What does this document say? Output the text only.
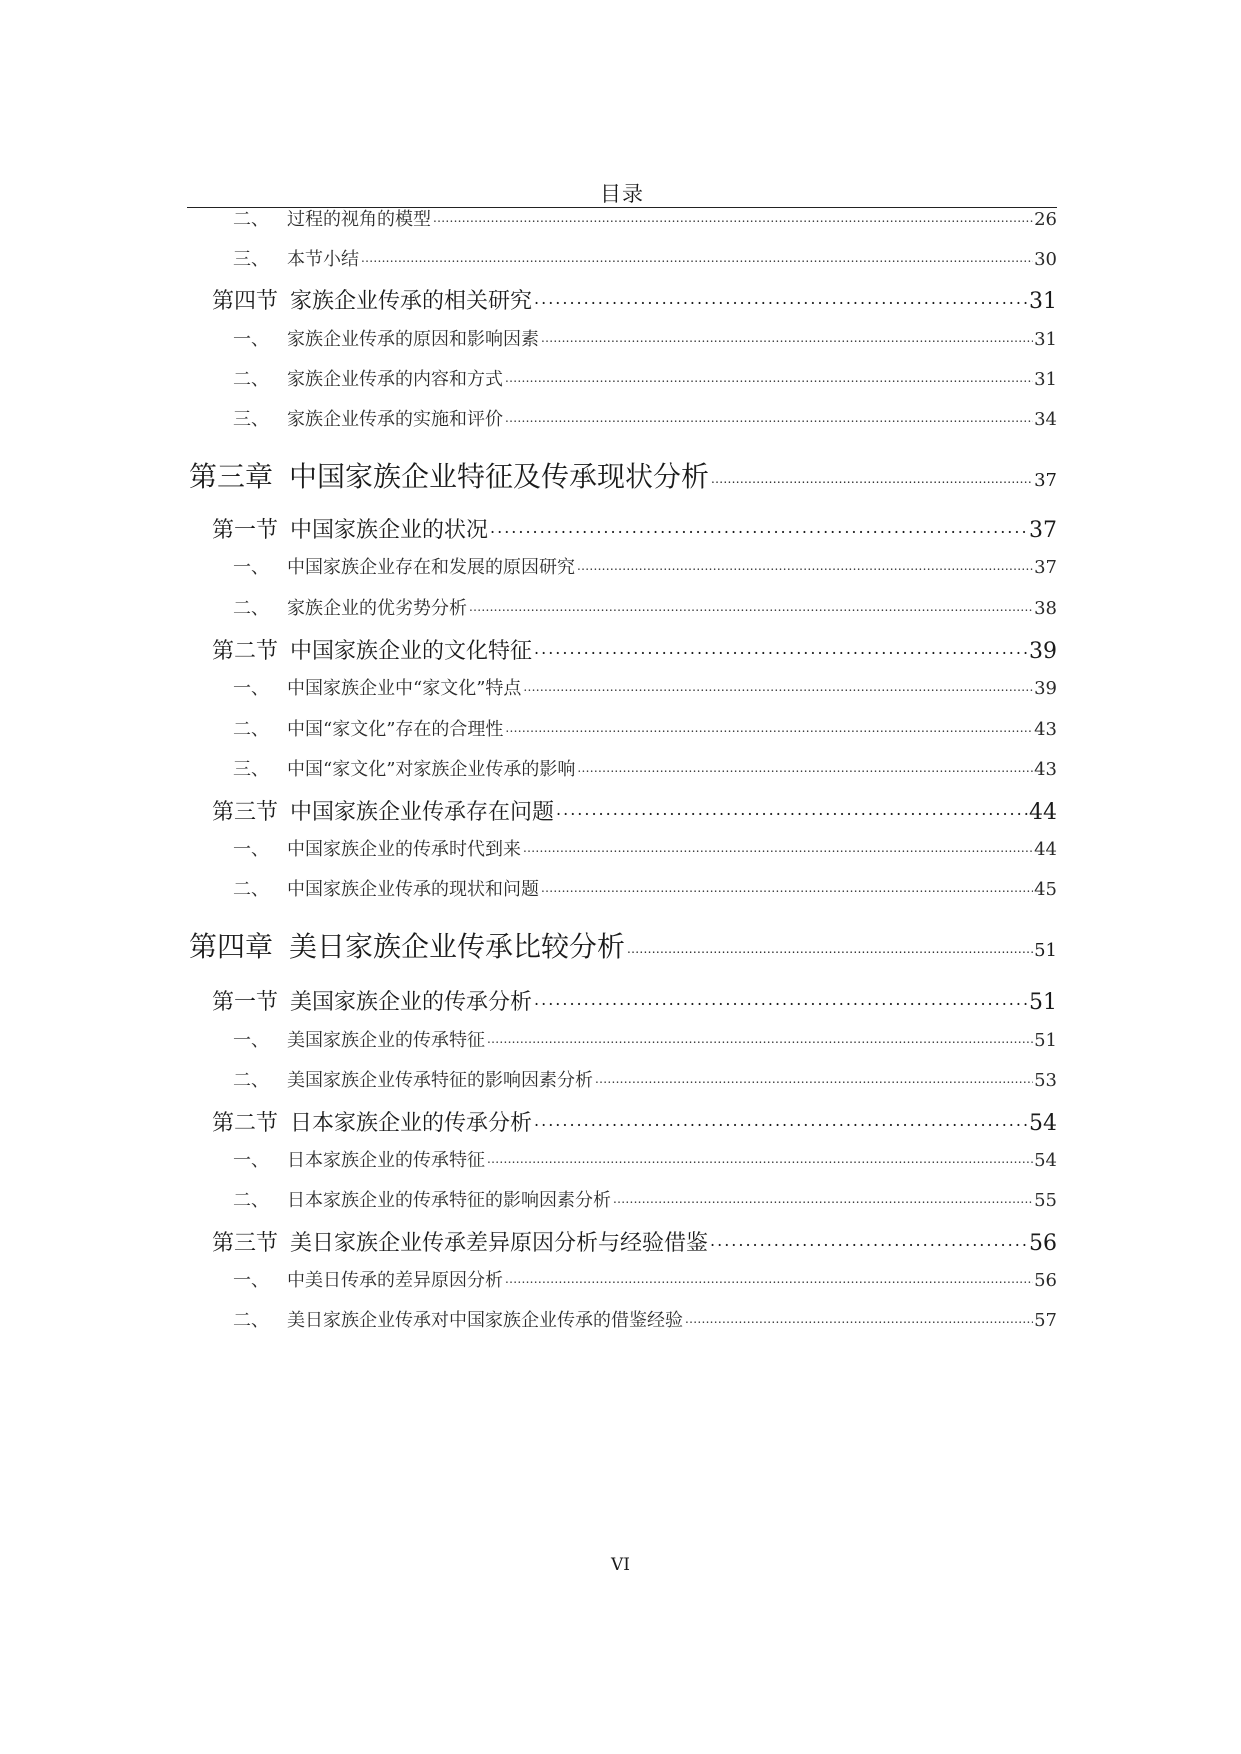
目录
二、	过程的视角的模型 .....	26
三、	本节小结 .....	30
第四节 家族企业传承的相关研究 .....	31
一、	家族企业传承的原因和影响因素 .....	31
二、	家族企业传承的内容和方式 .....	31
三、	家族企业传承的实施和评价 .....	34
第三章 中国家族企业特征及传承现状分析 .....	37
第一节 中国家族企业的状况 .....	37
一、	中国家族企业存在和发展的原因研究 .....	37
二、	家族企业的优劣势分析 .....	38
第二节 中国家族企业的文化特征 .....	39
一、	中国家族企业中“家文化”特点 .....	39
二、	中国“家文化”存在的合理性 .....	43
三、	中国“家文化”对家族企业传承的影响 .....	43
第三节 中国家族企业传承存在问题 .....	44
一、	中国家族企业的传承时代到来 .....	44
二、	中国家族企业传承的现状和问题 .....	45
第四章 美日家族企业传承比较分析 .....	51
第一节 美国家族企业的传承分析 .....	51
一、	美国家族企业的传承特征 .....	51
二、	美国家族企业传承特征的影响因素分析 .....	53
第二节 日本家族企业的传承分析 .....	54
一、	日本家族企业的传承特征 .....	54
二、	日本家族企业的传承特征的影响因素分析 .....	55
第三节 美日家族企业传承差异原因分析与经验借鉴 .....	56
一、	中美日传承的差异原因分析 .....	56
二、	美日家族企业传承对中国家族企业传承的借鉴经验 .....	57
VI
